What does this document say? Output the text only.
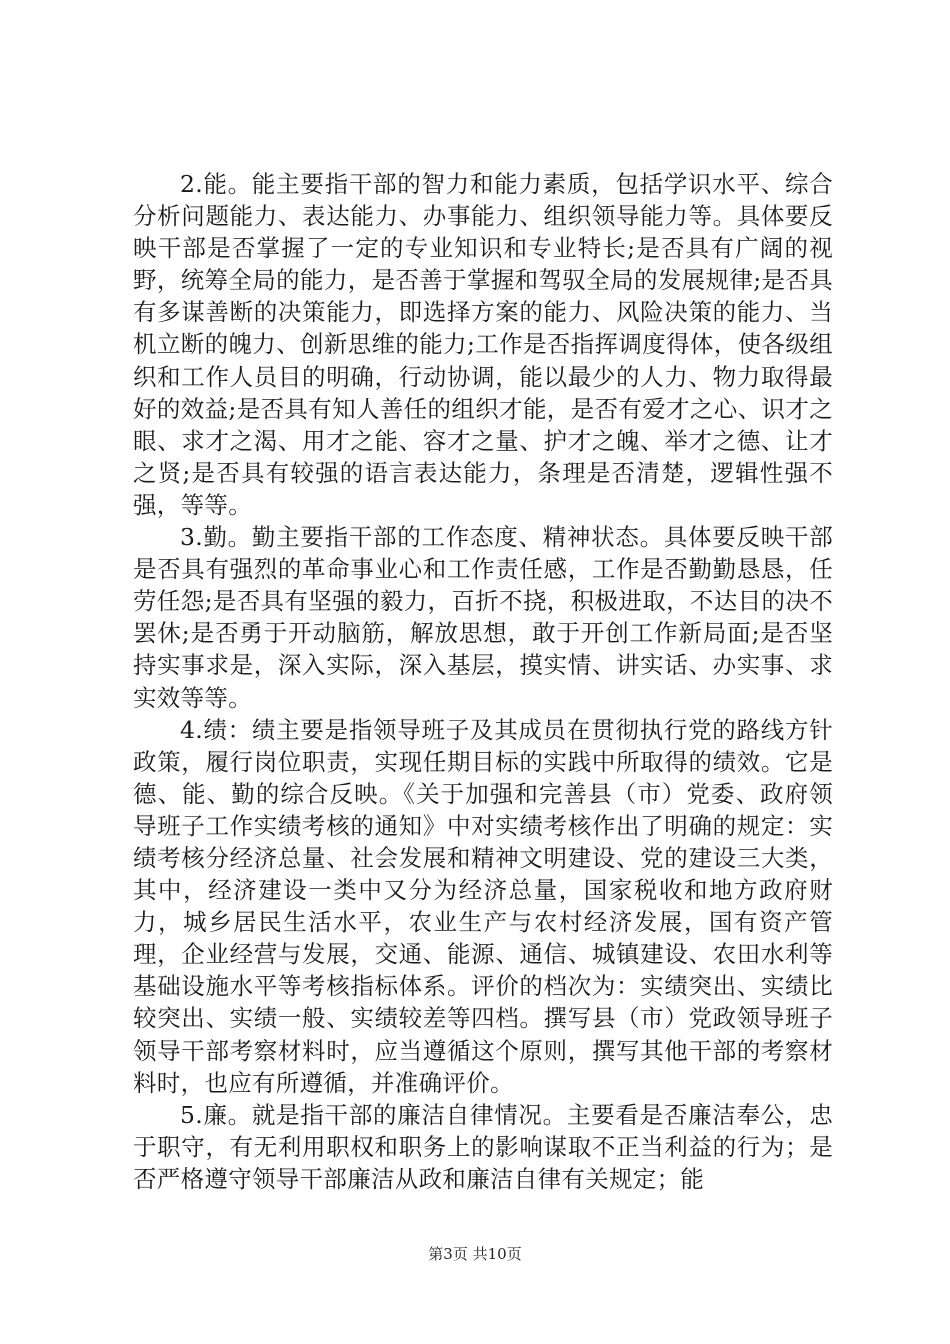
2.能。能主要指干部的智力和能力素质，包括学识水平、综合分析问题能力、表达能力、办事能力、组织领导能力等。具体要反映干部是否掌握了一定的专业知识和专业特长;是否具有广阔的视野，统筹全局的能力，是否善于掌握和驾驭全局的发展规律;是否具有多谋善断的决策能力，即选择方案的能力、风险决策的能力、当机立断的魄力、创新思维的能力;工作是否指挥调度得体，使各级组织和工作人员目的明确，行动协调，能以最少的人力、物力取得最好的效益;是否具有知人善任的组织才能，是否有爱才之心、识才之眼、求才之渴、用才之能、容才之量、护才之魄、举才之德、让才之贤;是否具有较强的语言表达能力，条理是否清楚，逻辑性强不强，等等。

3.勤。勤主要指干部的工作态度、精神状态。具体要反映干部是否具有强烈的革命事业心和工作责任感，工作是否勤勤恳恳，任劳任怨;是否具有坚强的毅力，百折不挠，积极进取，不达目的决不罢休;是否勇于开动脑筋，解放思想，敢于开创工作新局面;是否坚持实事求是，深入实际，深入基层，摸实情、讲实话、办实事、求实效等等。

4.绩：绩主要是指领导班子及其成员在贯彻执行党的路线方针政策，履行岗位职责，实现任期目标的实践中所取得的绩效。它是德、能、勤的综合反映。《关于加强和完善县（市）党委、政府领导班子工作实绩考核的通知》中对实绩考核作出了明确的规定：实绩考核分经济总量、社会发展和精神文明建设、党的建设三大类，其中，经济建设一类中又分为经济总量，国家税收和地方政府财力，城乡居民生活水平，农业生产与农村经济发展，国有资产管理，企业经营与发展，交通、能源、通信、城镇建设、农田水利等基础设施水平等考核指标体系。评价的档次为：实绩突出、实绩比较突出、实绩一般、实绩较差等四档。撰写县（市）党政领导班子领导干部考察材料时，应当遵循这个原则，撰写其他干部的考察材料时，也应有所遵循，并准确评价。

5.廉。就是指干部的廉洁自律情况。主要看是否廉洁奉公，忠于职守，有无利用职权和职务上的影响谋取不正当利益的行为；是否严格遵守领导干部廉洁从政和廉洁自律有关规定；能

第3页 共10页
